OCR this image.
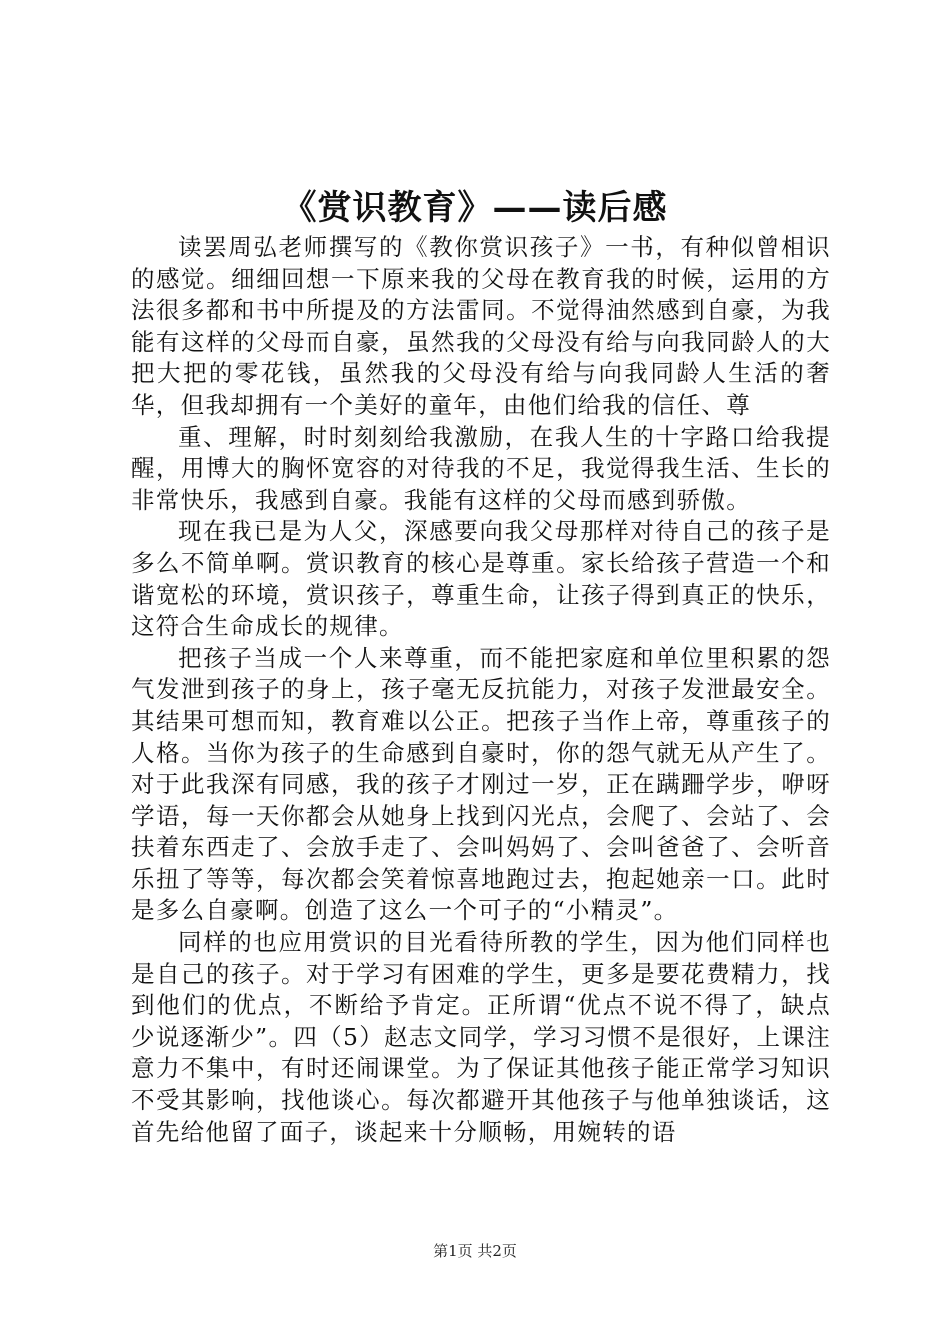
《赏识教育》——读后感

读罢周弘老师撰写的《教你赏识孩子》一书，有种似曾相识的感觉。细细回想一下原来我的父母在教育我的时候，运用的方法很多都和书中所提及的方法雷同。不觉得油然感到自豪，为我能有这样的父母而自豪，虽然我的父母没有给与向我同龄人的大把大把的零花钱，虽然我的父母没有给与向我同龄人生活的奢华，但我却拥有一个美好的童年，由他们给我的信任、尊

重、理解，时时刻刻给我激励，在我人生的十字路口给我提醒，用博大的胸怀宽容的对待我的不足，我觉得我生活、生长的非常快乐，我感到自豪。我能有这样的父母而感到骄傲。

现在我已是为人父，深感要向我父母那样对待自己的孩子是多么不简单啊。赏识教育的核心是尊重。家长给孩子营造一个和谐宽松的环境，赏识孩子，尊重生命，让孩子得到真正的快乐，这符合生命成长的规律。

把孩子当成一个人来尊重，而不能把家庭和单位里积累的怨气发泄到孩子的身上，孩子毫无反抗能力，对孩子发泄最安全。其结果可想而知，教育难以公正。把孩子当作上帝，尊重孩子的人格。当你为孩子的生命感到自豪时，你的怨气就无从产生了。对于此我深有同感，我的孩子才刚过一岁，正在蹒跚学步，咿呀学语，每一天你都会从她身上找到闪光点，会爬了、会站了、会扶着东西走了、会放手走了、会叫妈妈了、会叫爸爸了、会听音乐扭了等等，每次都会笑着惊喜地跑过去，抱起她亲一口。此时是多么自豪啊。创造了这么一个可子的“小精灵”。

同样的也应用赏识的目光看待所教的学生，因为他们同样也是自己的孩子。对于学习有困难的学生，更多是要花费精力，找到他们的优点，不断给予肯定。正所谓“优点不说不得了，缺点少说逐渐少”。四（5）赵志文同学，学习习惯不是很好，上课注意力不集中，有时还闹课堂。为了保证其他孩子能正常学习知识不受其影响，找他谈心。每次都避开其他孩子与他单独谈话，这首先给他留了面子，谈起来十分顺畅，用婉转的语

第1页 共2页
